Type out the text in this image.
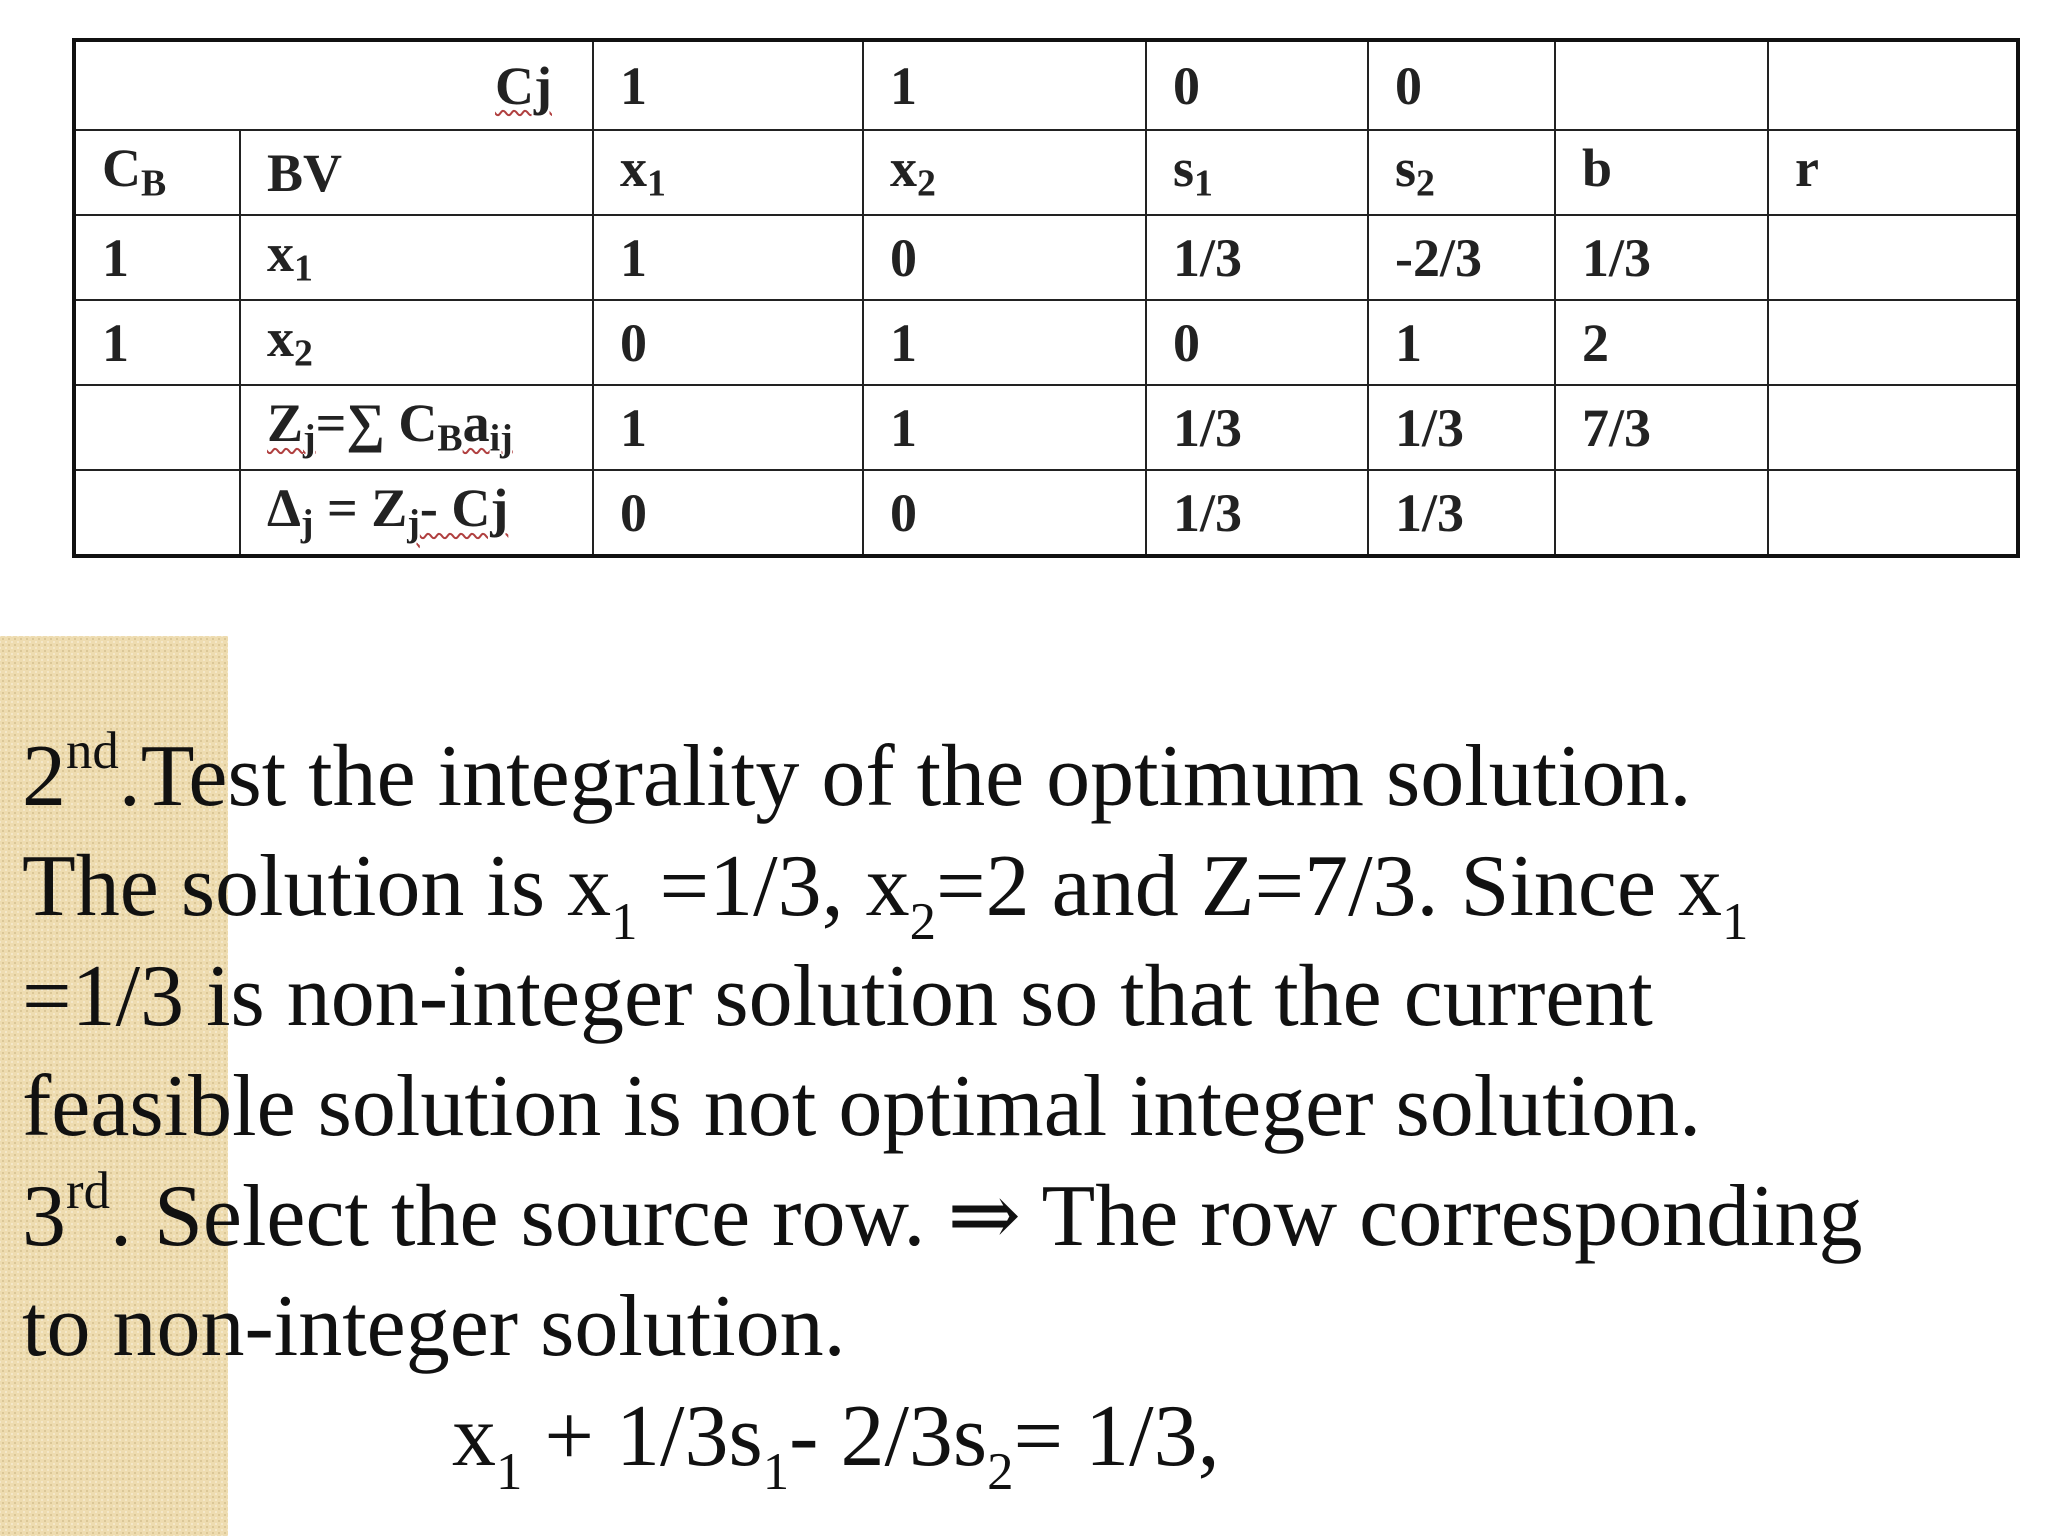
Cj		1	1	0	0		
$C_B$	BV	$x_1$	$x_2$	$s_1$	$s_2$	b	r
1	$x_1$	1	0	1/3	-2/3	1/3	
1	$x_2$	0	1	0	1	2	
	$Z_j=\sum$ $C_Ba_{ij}$	1	1	1/3	1/3	7/3	
	$\Delta_j = Z_j-$ Cj	0	0	1/3	1/3		

2nd.Test the integrality of the optimum solution.

The solution is $x_1 =1/3$, $x_2=2$ and Z=7/3. Since $x_1$

=1/3 is non-integer solution so that the current

feasible solution is not optimal integer solution.

3rd. Select the source row. ⇒ The row corresponding

to non-integer solution.

$x_1 + 1/3s_1-$ $2/3s_2= 1/3$,
